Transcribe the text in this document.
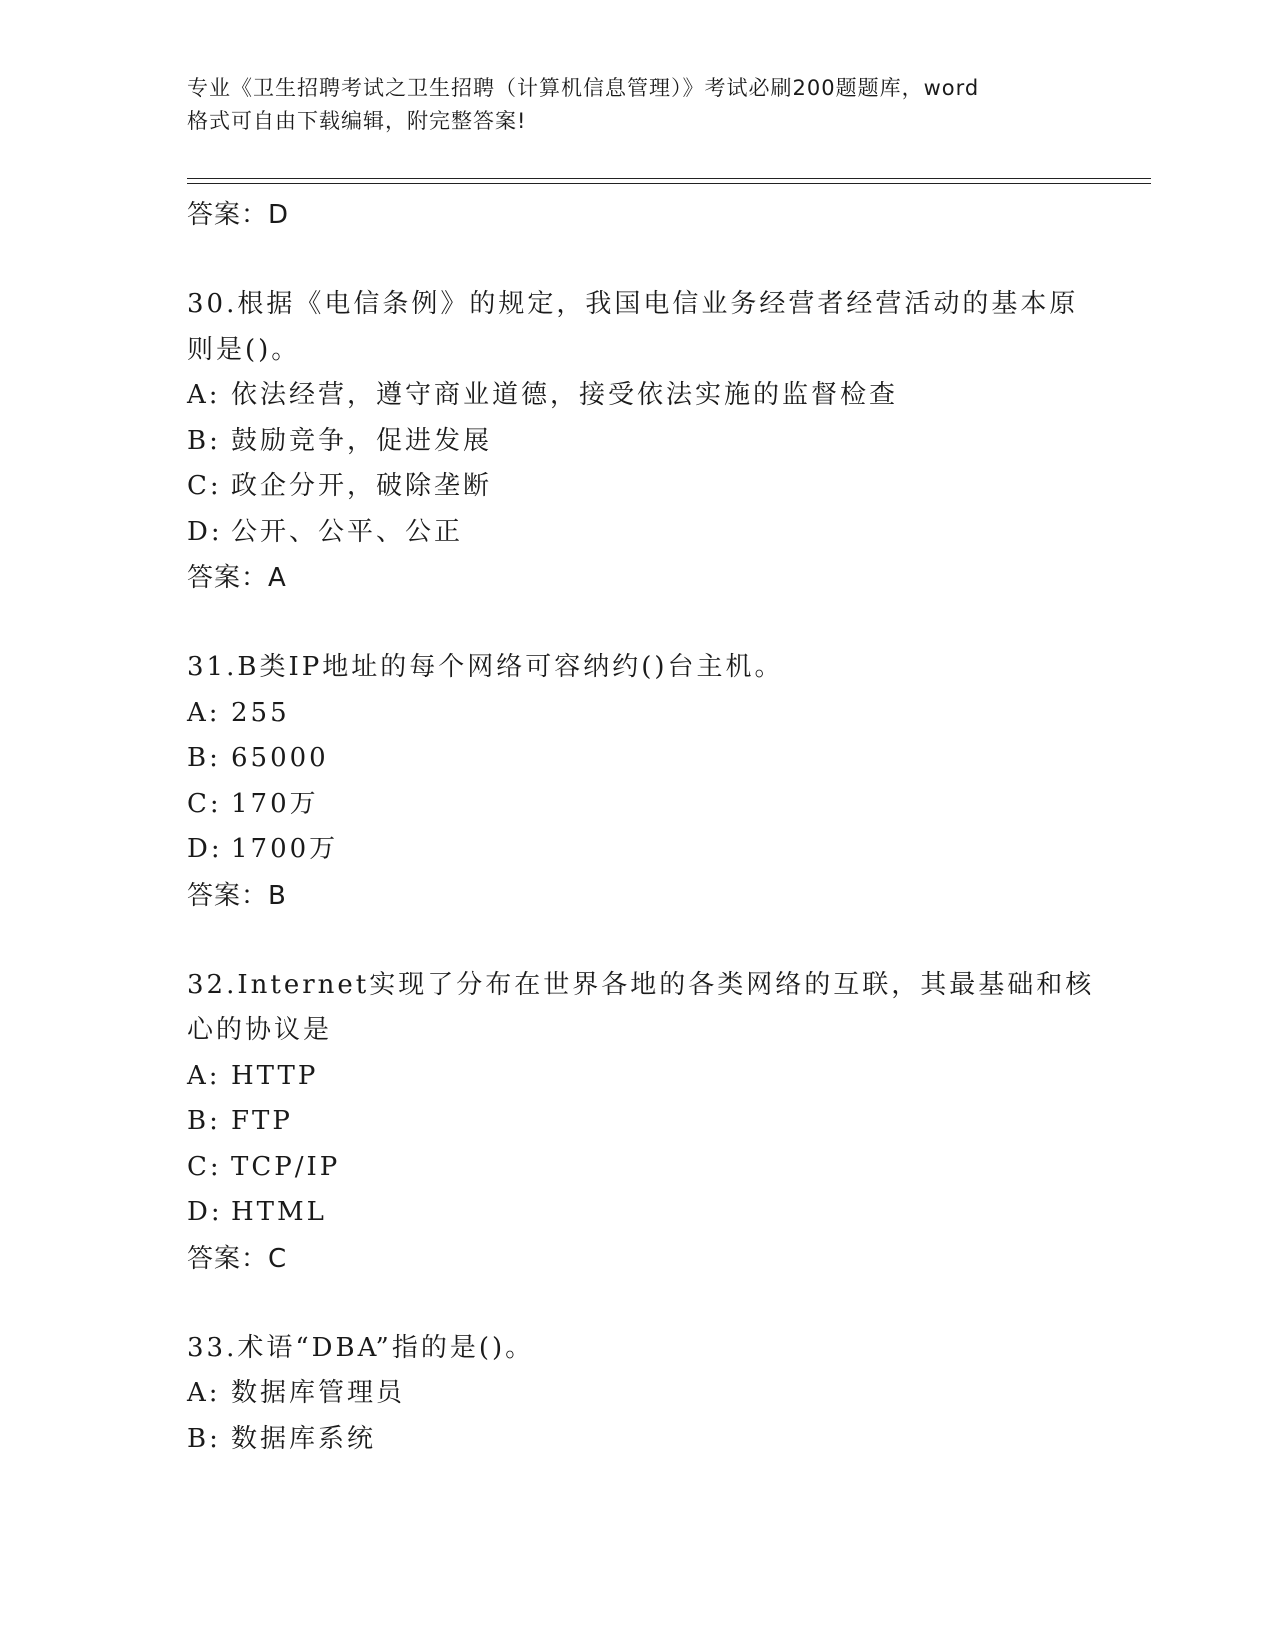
专业《卫生招聘考试之卫生招聘（计算机信息管理）》考试必刷200题题库，word
格式可自由下载编辑，附完整答案!
答案：D
30.根据《电信条例》的规定，我国电信业务经营者经营活动的基本原
则是()。
A: 依法经营，遵守商业道德，接受依法实施的监督检查
B: 鼓励竞争，促进发展
C: 政企分开，破除垄断
D: 公开、公平、公正
答案：A
31.B类IP地址的每个网络可容纳约()台主机。
A: 255
B: 65000
C: 170万
D: 1700万
答案：B
32.Internet实现了分布在世界各地的各类网络的互联，其最基础和核
心的协议是
A: HTTP
B: FTP
C: TCP/IP
D: HTML
答案：C
33.术语“DBA”指的是()。
A: 数据库管理员
B: 数据库系统
